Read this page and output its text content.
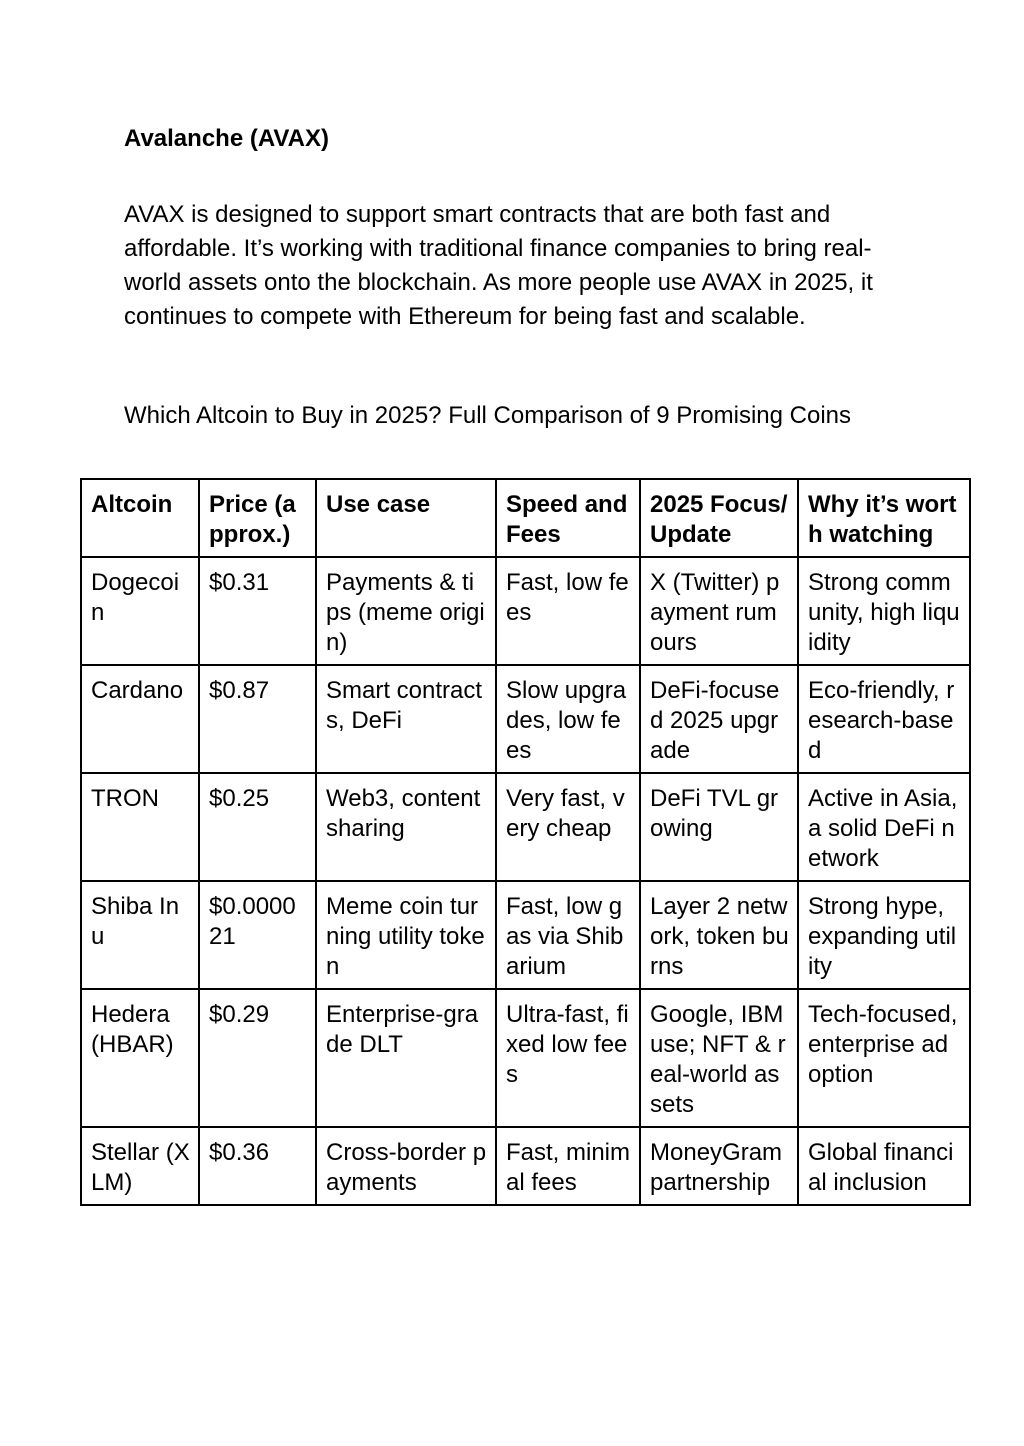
Avalanche (AVAX)

AVAX is designed to support smart contracts that are both fast and affordable. It’s working with traditional finance companies to bring real-world assets onto the blockchain. As more people use AVAX in 2025, it continues to compete with Ethereum for being fast and scalable.

Which Altcoin to Buy in 2025? Full Comparison of 9 Promising Coins

Altcoin	Price (approx.)	Use case	Speed and Fees	2025 Focus/Update	Why it’s worth watching
Dogecoin	$0.31	Payments & tips (meme origin)	Fast, low fees	X (Twitter) payment rumours	Strong community, high liquidity
Cardano	$0.87	Smart contracts, DeFi	Slow upgrades, low fees	DeFi-focused 2025 upgrade	Eco-friendly, research-based
TRON	$0.25	Web3, content sharing	Very fast, very cheap	DeFi TVL growing	Active in Asia, a solid DeFi network
Shiba Inu	$0.000021	Meme coin turning utility token	Fast, low gas via Shibarium	Layer 2 network, token burns	Strong hype, expanding utility
Hedera (HBAR)	$0.29	Enterprise-grade DLT	Ultra-fast, fixed low fees	Google, IBM use; NFT & real-world assets	Tech-focused, enterprise adoption
Stellar (XLM)	$0.36	Cross-border payments	Fast, minimal fees	MoneyGram partnership	Global financial inclusion
